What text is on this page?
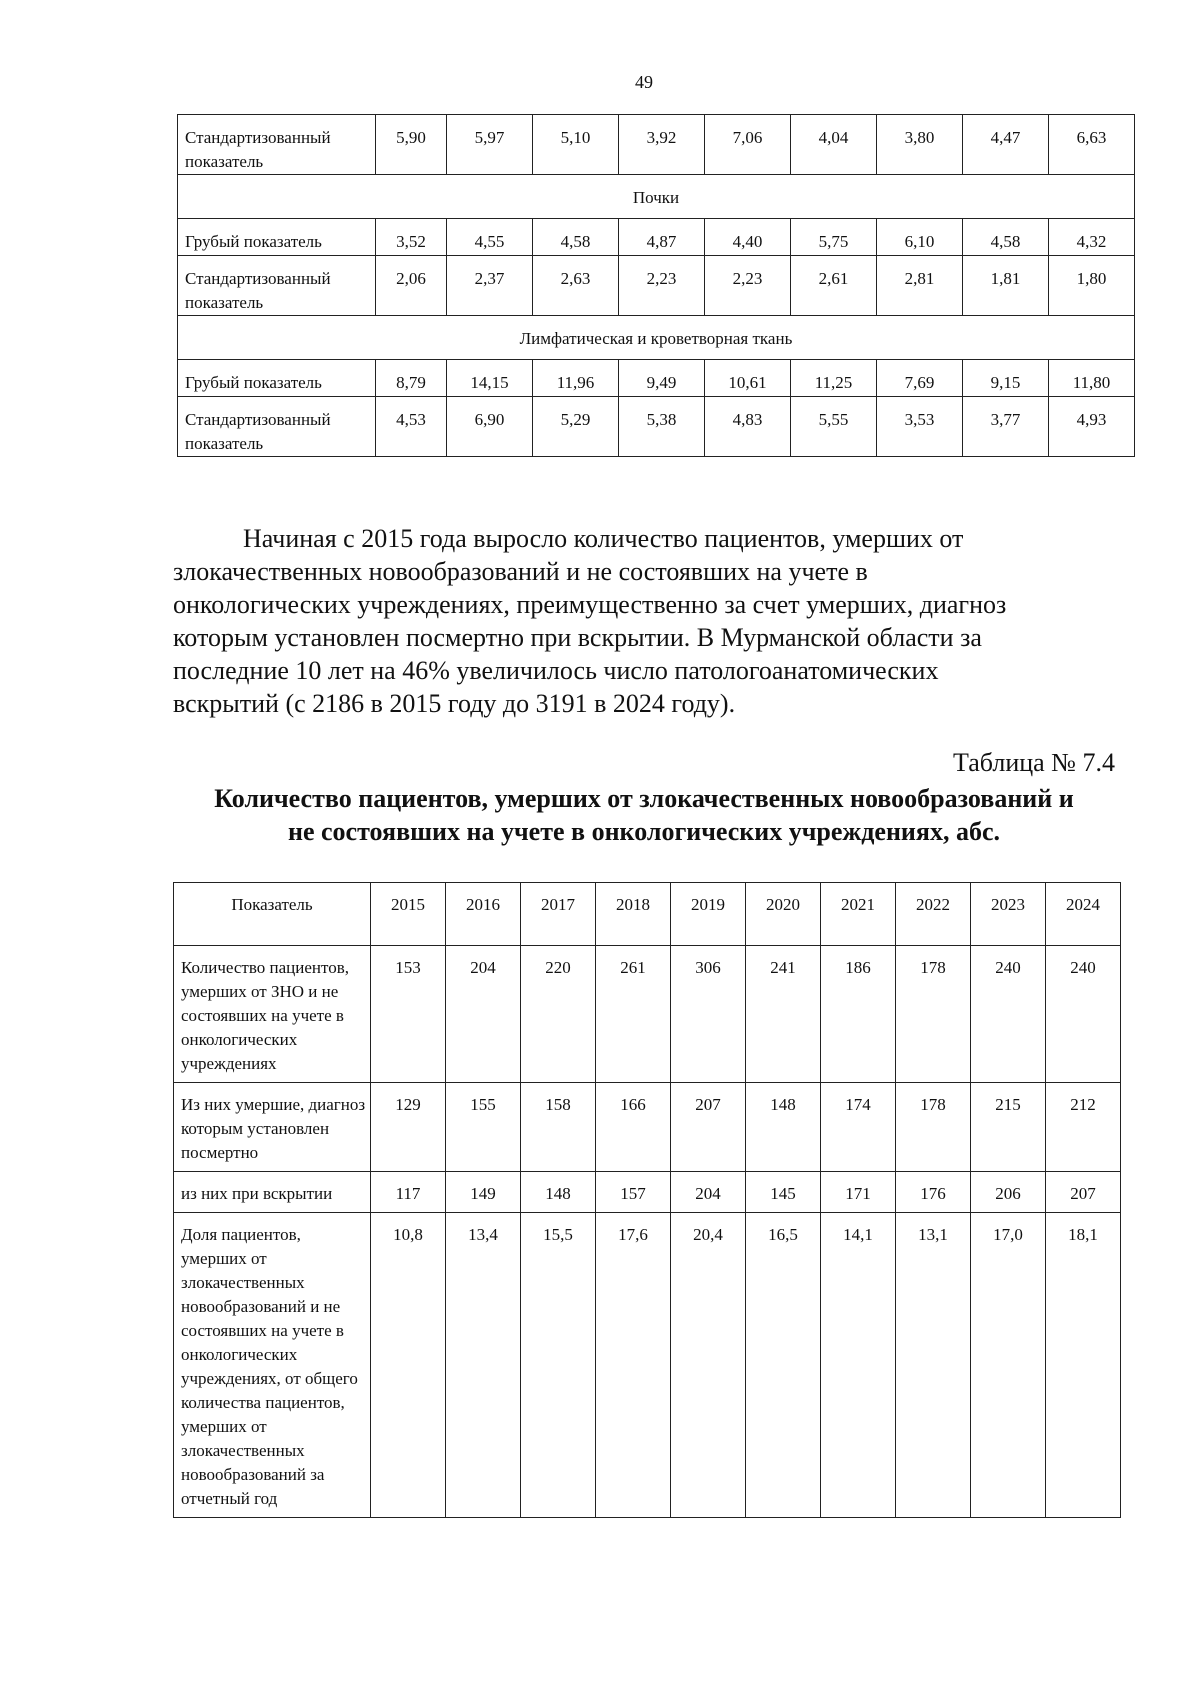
49
Стандартизованный показатель	5,90	5,97	5,10	3,92	7,06	4,04	3,80	4,47	6,63
Почки									
Грубый показатель	3,52	4,55	4,58	4,87	4,40	5,75	6,10	4,58	4,32
Стандартизованный показатель	2,06	2,37	2,63	2,23	2,23	2,61	2,81	1,81	1,80
Лимфатическая и кроветворная ткань									
Грубый показатель	8,79	14,15	11,96	9,49	10,61	11,25	7,69	9,15	11,80
Стандартизованный показатель	4,53	6,90	5,29	5,38	4,83	5,55	3,53	3,77	4,93
Начиная с 2015 года выросло количество пациентов, умерших от
злокачественных новообразований и не состоявших на учете в
онкологических учреждениях, преимущественно за счет умерших, диагноз
которым установлен посмертно при вскрытии. В Мурманской области за
последние 10 лет на 46% увеличилось число патологоанатомических
вскрытий (с 2186 в 2015 году до 3191 в 2024 году).
Таблица № 7.4
Количество пациентов, умерших от злокачественных новообразований и
не состоявших на учете в онкологических учреждениях, абс.
Показатель	2015	2016	2017	2018	2019	2020	2021	2022	2023	2024
Количество пациентов, умерших от ЗНО и не состоявших на учете в онкологических учреждениях	153	204	220	261	306	241	186	178	240	240
Из них умершие, диагноз которым установлен посмертно	129	155	158	166	207	148	174	178	215	212
из них при вскрытии	117	149	148	157	204	145	171	176	206	207
Доля пациентов, умерших от злокачественных новообразований и не состоявших на учете в онкологических учреждениях, от общего количества пациентов, умерших от злокачественных новообразований за отчетный год	10,8	13,4	15,5	17,6	20,4	16,5	14,1	13,1	17,0	18,1
